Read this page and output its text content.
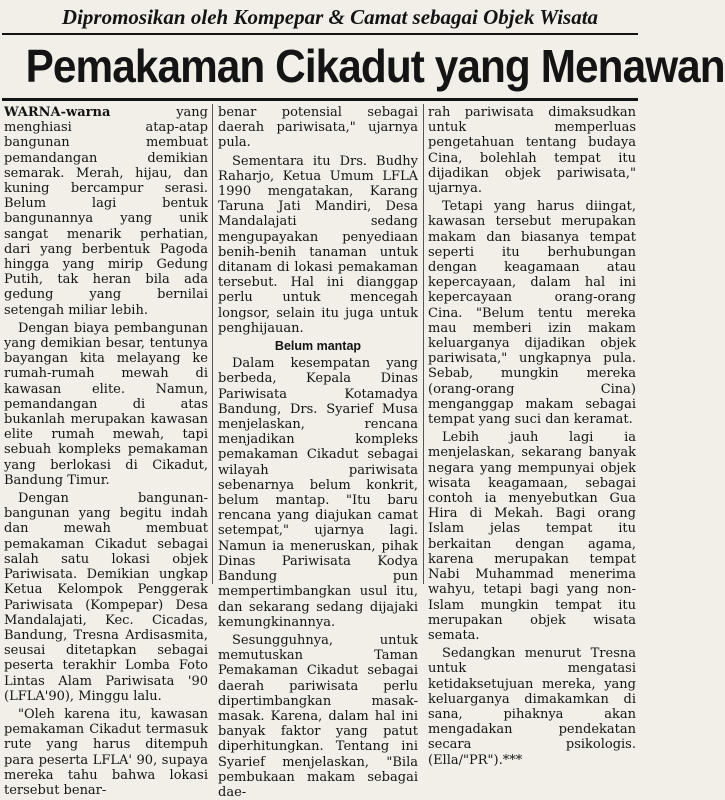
Dipromosikan oleh Kompepar & Camat sebagai Objek Wisata
Pemakaman Cikadut yang Menawan

WARNA-warna yang menghiasi atap-atap bangunan membuat pemandangan demikian semarak. Merah, hijau, dan kuning bercampur serasi. Belum lagi bentuk bangunannya yang unik sangat menarik perhatian, dari yang berbentuk Pagoda hingga yang mirip Gedung Putih, tak heran bila ada gedung yang bernilai setengah miliar lebih.

Dengan biaya pembangunan yang demikian besar, tentunya bayangan kita melayang ke rumah-rumah mewah di kawasan elite. Namun, pemandangan di atas bukanlah merupakan kawasan elite rumah mewah, tapi sebuah kompleks pemakaman yang berlokasi di Cikadut, Bandung Timur.

Dengan bangunan-bangunan yang begitu indah dan mewah membuat pemakaman Cikadut sebagai salah satu lokasi objek Pariwisata. Demikian ungkap Ketua Kelompok Penggerak Pariwisata (Kompepar) Desa Mandalajati, Kec. Cicadas, Bandung, Tresna Ardisasmita, seusai ditetapkan sebagai peserta terakhir Lomba Foto Lintas Alam Pariwisata '90 (LFLA'90), Minggu lalu.

"Oleh karena itu, kawasan pemakaman Cikadut termasuk rute yang harus ditempuh para peserta LFLA' 90, supaya mereka tahu bahwa lokasi tersebut benar-

benar potensial sebagai daerah pariwisata," ujarnya pula.

Sementara itu Drs. Budhy Raharjo, Ketua Umum LFLA 1990 mengatakan, Karang Taruna Jati Mandiri, Desa Mandalajati sedang mengupayakan penyediaan benih-benih tanaman untuk ditanam di lokasi pemakaman tersebut. Hal ini dianggap perlu untuk mencegah longsor, selain itu juga untuk penghijauan.

Belum mantap

Dalam kesempatan yang berbeda, Kepala Dinas Pariwisata Kotamadya Bandung, Drs. Syarief Musa menjelaskan, rencana menjadikan kompleks pemakaman Cikadut sebagai wilayah pariwisata sebenarnya belum konkrit, belum mantap. "Itu baru rencana yang diajukan camat setempat," ujarnya lagi. Namun ia meneruskan, pihak Dinas Pariwisata Kodya Bandung pun mempertimbangkan usul itu, dan sekarang sedang dijajaki kemungkinannya.

Sesungguhnya, untuk memutuskan Taman Pemakaman Cikadut sebagai daerah pariwisata perlu dipertimbangkan masak-masak. Karena, dalam hal ini banyak faktor yang patut diperhitungkan. Tentang ini Syarief menjelaskan, "Bila pembukaan makam sebagai dae-

rah pariwisata dimaksudkan untuk memperluas pengetahuan tentang budaya Cina, bolehlah tempat itu dijadikan objek pariwisata," ujarnya.

Tetapi yang harus diingat, kawasan tersebut merupakan makam dan biasanya tempat seperti itu berhubungan dengan keagamaan atau kepercayaan, dalam hal ini kepercayaan orang-orang Cina. "Belum tentu mereka mau memberi izin makam keluarganya dijadikan objek pariwisata," ungkapnya pula. Sebab, mungkin mereka (orang-orang Cina) menganggap makam sebagai tempat yang suci dan keramat.

Lebih jauh lagi ia menjelaskan, sekarang banyak negara yang mempunyai objek wisata keagamaan, sebagai contoh ia menyebutkan Gua Hira di Mekah. Bagi orang Islam jelas tempat itu berkaitan dengan agama, karena merupakan tempat Nabi Muhammad menerima wahyu, tetapi bagi yang non-Islam mungkin tempat itu merupakan objek wisata semata.

Sedangkan menurut Tresna untuk mengatasi ketidaksetujuan mereka, yang keluarganya dimakamkan di sana, pihaknya akan mengadakan pendekatan secara psikologis. (Ella/"PR").***
